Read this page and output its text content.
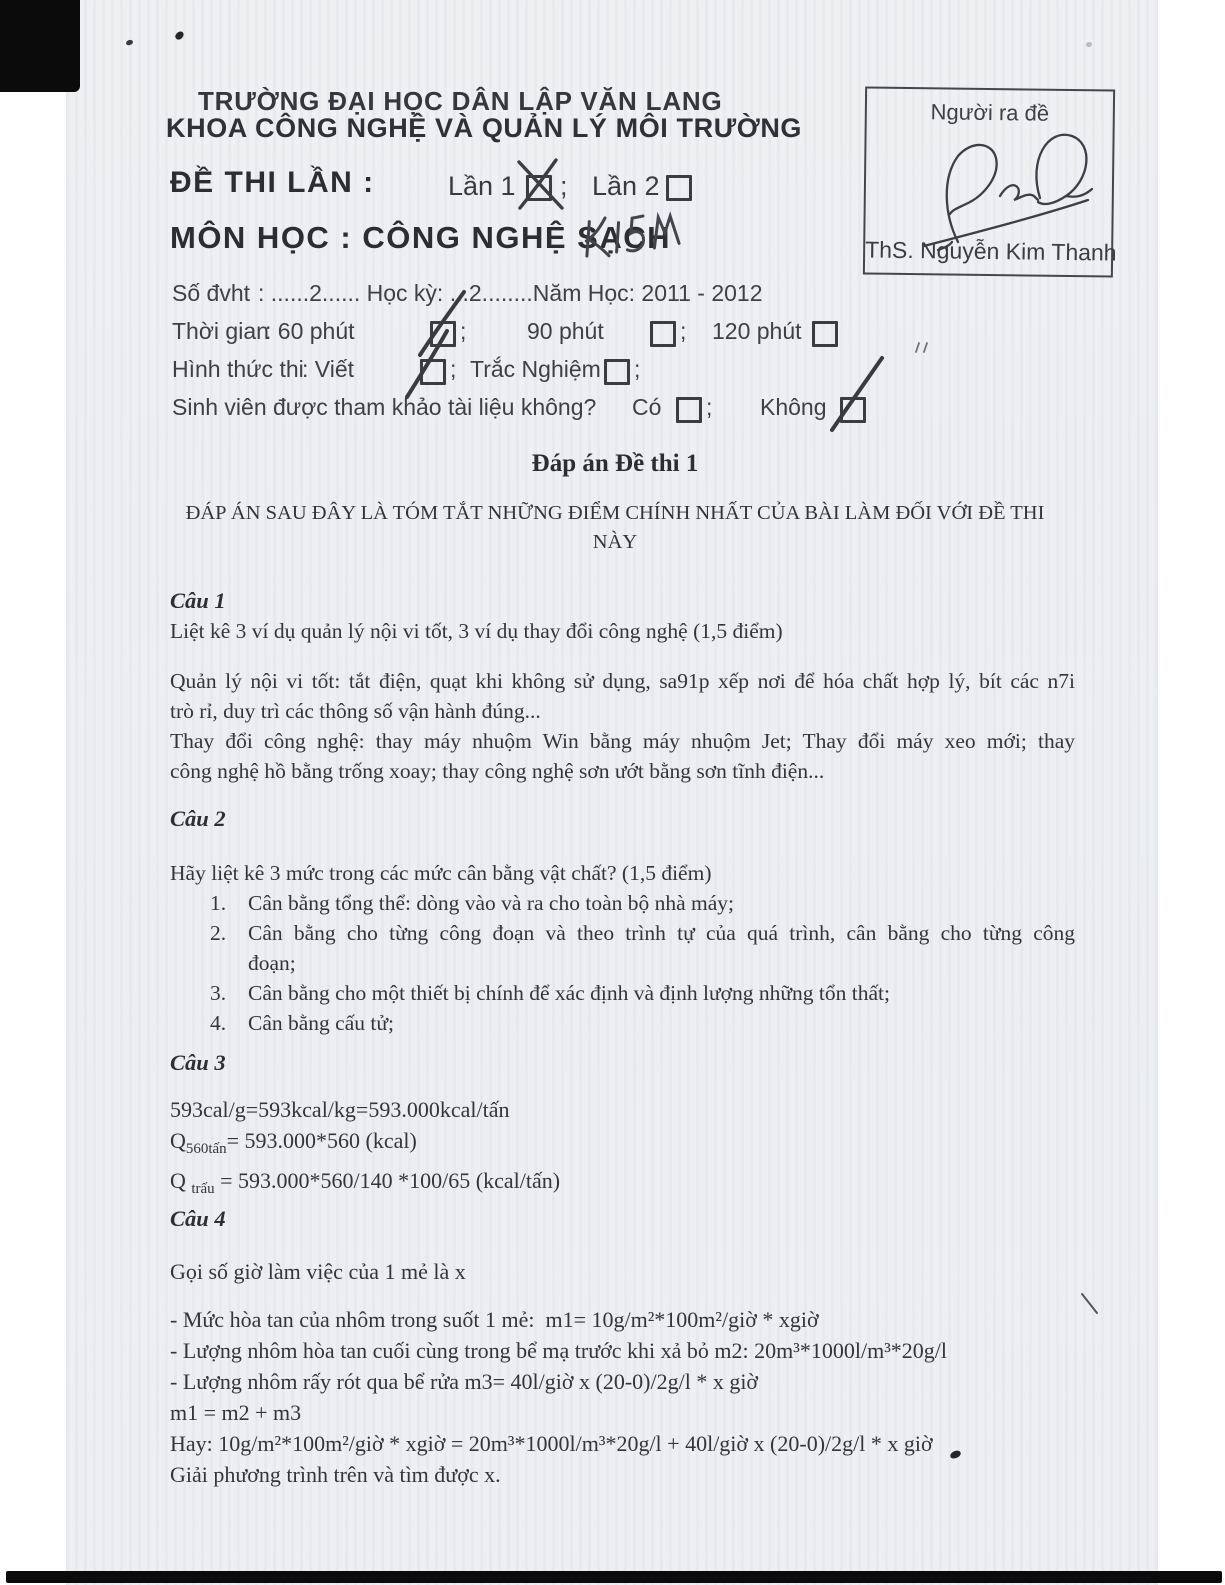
TRƯỜNG ĐẠI HỌC DÂN LẬP VĂN LANG
KHOA CÔNG NGHỆ VÀ QUẢN LÝ MÔI TRƯỜNG
ĐỀ THI LẦN :	Lần 1 ; Lần 2
MÔN HỌC : CÔNG NGHỆ SẠCH
Người ra đề
ThS. Nguyễn Kim Thanh
Số đvht : ......2...... Học kỳ: ...2........Năm Học: 2011 - 2012
Thời gian
: 60 phút	;	90 phút	; 120 phút
Hình thức thi
: Viết	; Trắc Nghiệm ;
Sinh viên được tham khảo tài liệu không? Có ; Không
Đáp án Đề thi 1
ĐÁP ÁN SAU ĐÂY LÀ TÓM TẮT NHỮNG ĐIỂM CHÍNH NHẤT CỦA BÀI LÀM ĐỐI VỚI ĐỀ THI
NÀY
Câu 1
Liệt kê 3 ví dụ quản lý nội vi tốt, 3 ví dụ thay đổi công nghệ (1,5 điểm)
Quản lý nội vi tốt: tắt điện, quạt khi không sử dụng, sa91p xếp nơi để hóa chất hợp lý, bít các n7i
trò rỉ, duy trì các thông số vận hành đúng...
Thay đổi công nghệ: thay máy nhuộm Win bằng máy nhuộm Jet; Thay đổi máy xeo mới; thay
công nghệ hồ bằng trống xoay; thay công nghệ sơn ướt bằng sơn tĩnh điện...
Câu 2
Hãy liệt kê 3 mức trong các mức cân bằng vật chất? (1,5 điểm)
1.	Cân bằng tổng thể: dòng vào và ra cho toàn bộ nhà máy;
2.	Cân bằng cho từng công đoạn và theo trình tự của quá trình, cân bằng cho từng công
đoạn;
3.	Cân bằng cho một thiết bị chính để xác định và định lượng những tổn thất;
4.	Cân bằng cấu tử;
Câu 3
593cal/g=593kcal/kg=593.000kcal/tấn
$Q_{560tấn}= 593.000*560$ (kcal)
Q $_{trấu}$ = 593.000*560/140 *100/65 (kcal/tấn)
Câu 4
Gọi số giờ làm việc của 1 mẻ là x
- Mức hòa tan của nhôm trong suốt 1 mẻ:  m1= 10g/m²*100m²/giờ * xgiờ
- Lượng nhôm hòa tan cuối cùng trong bể mạ trước khi xả bỏ m2: 20m³*1000l/m³*20g/l
- Lượng nhôm rấy rót qua bể rửa m3= 40l/giờ x (20-0)/2g/l * x giờ
m1 = m2 + m3
Hay: 10g/m²*100m²/giờ * xgiờ = 20m³*1000l/m³*20g/l + 40l/giờ x (20-0)/2g/l * x giờ
Giải phương trình trên và tìm được x.
